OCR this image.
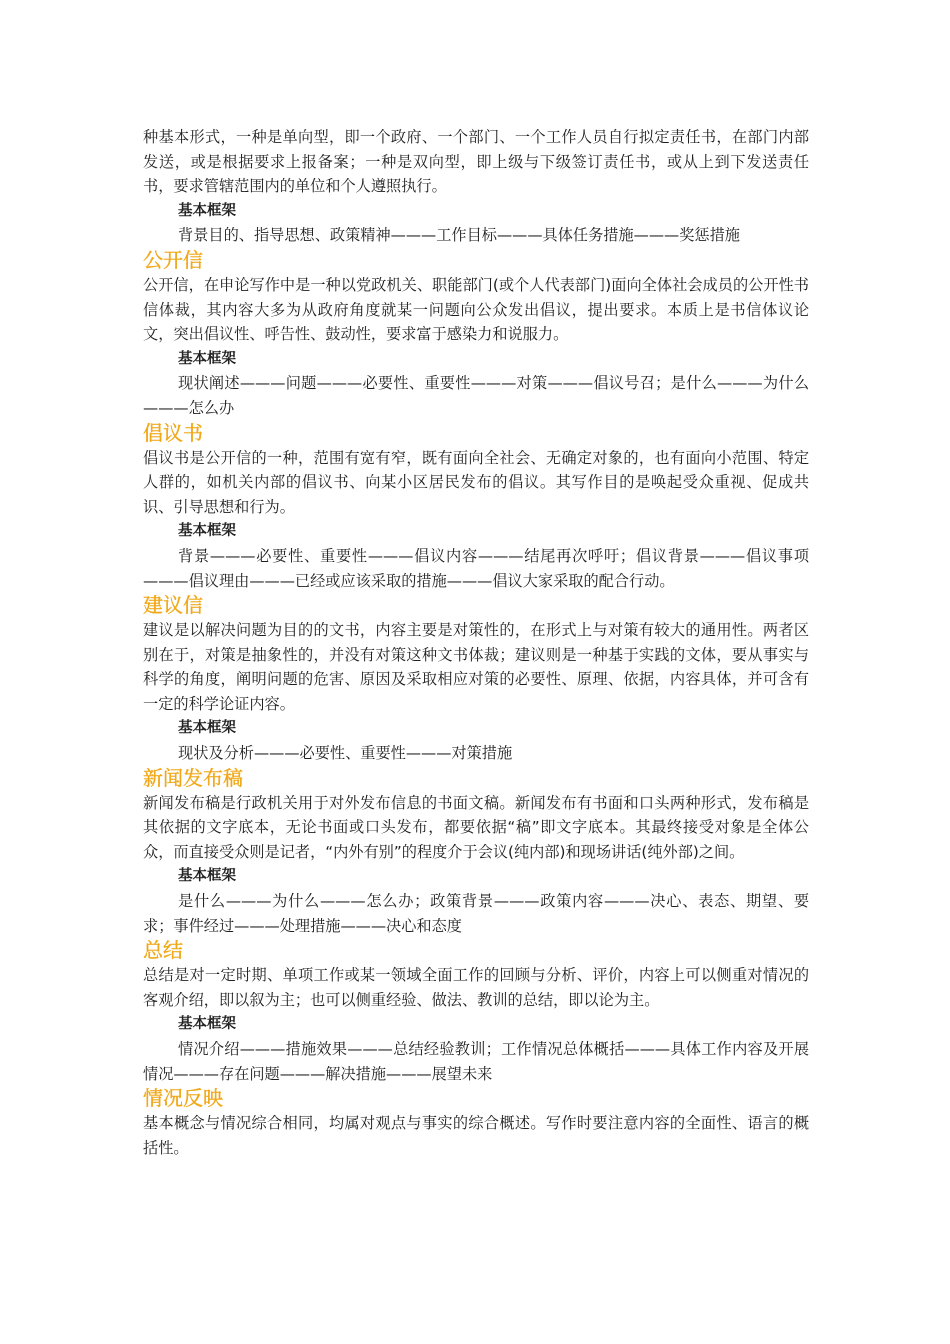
种基本形式，一种是单向型，即一个政府、一个部门、一个工作人员自行拟定责任书，在部门内部发送，或是根据要求上报备案；一种是双向型，即上级与下级签订责任书，或从上到下发送责任书，要求管辖范围内的单位和个人遵照执行。

基本框架

背景目的、指导思想、政策精神———工作目标———具体任务措施———奖惩措施

公开信

公开信，在申论写作中是一种以党政机关、职能部门(或个人代表部门)面向全体社会成员的公开性书信体裁，其内容大多为从政府角度就某一问题向公众发出倡议，提出要求。本质上是书信体议论文，突出倡议性、呼告性、鼓动性，要求富于感染力和说服力。

基本框架

现状阐述———问题———必要性、重要性———对策———倡议号召；是什么———为什么———怎么办

倡议书

倡议书是公开信的一种，范围有宽有窄，既有面向全社会、无确定对象的，也有面向小范围、特定人群的，如机关内部的倡议书、向某小区居民发布的倡议。其写作目的是唤起受众重视、促成共识、引导思想和行为。

基本框架

背景———必要性、重要性———倡议内容———结尾再次呼吁；倡议背景———倡议事项———倡议理由———已经或应该采取的措施———倡议大家采取的配合行动。

建议信

建议是以解决问题为目的的文书，内容主要是对策性的，在形式上与对策有较大的通用性。两者区别在于，对策是抽象性的，并没有对策这种文书体裁；建议则是一种基于实践的文体，要从事实与科学的角度，阐明问题的危害、原因及采取相应对策的必要性、原理、依据，内容具体，并可含有一定的科学论证内容。

基本框架

现状及分析———必要性、重要性———对策措施

新闻发布稿

新闻发布稿是行政机关用于对外发布信息的书面文稿。新闻发布有书面和口头两种形式，发布稿是其依据的文字底本，无论书面或口头发布，都要依据“稿”即文字底本。其最终接受对象是全体公众，而直接受众则是记者，“内外有别”的程度介于会议(纯内部)和现场讲话(纯外部)之间。

基本框架

是什么———为什么———怎么办；政策背景———政策内容———决心、表态、期望、要求；事件经过———处理措施———决心和态度

总结

总结是对一定时期、单项工作或某一领域全面工作的回顾与分析、评价，内容上可以侧重对情况的客观介绍，即以叙为主；也可以侧重经验、做法、教训的总结，即以论为主。

基本框架

情况介绍———措施效果———总结经验教训；工作情况总体概括———具体工作内容及开展情况———存在问题———解决措施———展望未来

情况反映

基本概念与情况综合相同，均属对观点与事实的综合概述。写作时要注意内容的全面性、语言的概括性。
